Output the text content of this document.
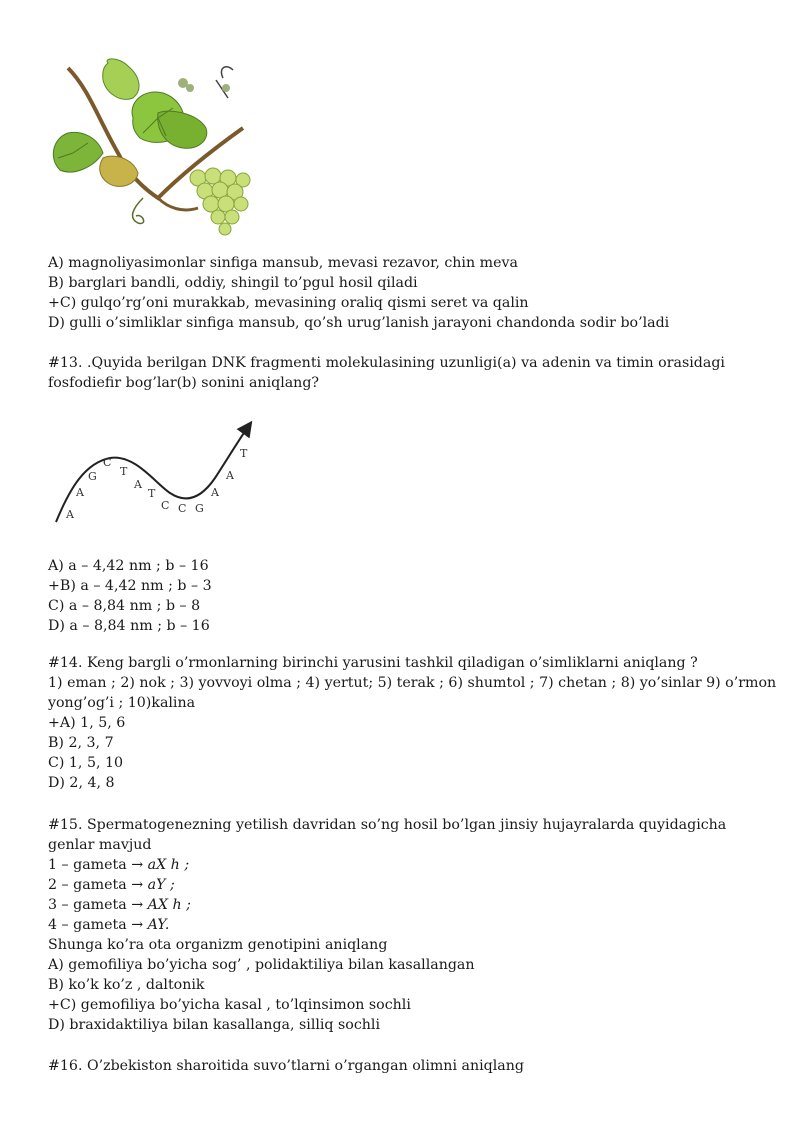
A) magnoliyasimonlar sinfiga mansub, mevasi rezavor, chin meva
B) barglari bandli, oddiy, shingil to’pgul hosil qiladi
+C) gulqo’rg’oni murakkab, mevasining oraliq qismi seret va qalin
D) gulli o’simliklar sinfiga mansub, qo’sh urug’lanish jarayoni chandonda sodir bo’ladi
#13. .Quyida berilgan DNK fragmenti molekulasining uzunligi(a) va adenin va timin orasidagi
fosfodiefir bog’lar(b) sonini aniqlang?
A
A
G
C
T
A
T
C C G
A
A
T
A) a – 4,42 nm ; b – 16
+B) a – 4,42 nm ; b – 3
C) a – 8,84 nm ; b – 8
D) a – 8,84 nm ; b – 16
#14. Keng bargli o’rmonlarning birinchi yarusini tashkil qiladigan o’simliklarni aniqlang ?
1) eman ; 2) nok ; 3) yovvoyi olma ; 4) yertut; 5) terak ; 6) shumtol ; 7) chetan ; 8) yo’sinlar 9) o’rmon
yong’og’i ; 10)kalina
+A) 1, 5, 6
B) 2, 3, 7
C) 1, 5, 10
D) 2, 4, 8
#15. Spermatogenezning yetilish davridan so’ng hosil bo’lgan jinsiy hujayralarda quyidagicha
genlar mavjud
1 – gameta → aX h ;
2 – gameta → aY ;
3 – gameta → AX h ;
4 – gameta → AY.
Shunga ko’ra ota organizm genotipini aniqlang
A) gemofiliya bo’yicha sog’ , polidaktiliya bilan kasallangan
B) ko’k ko’z , daltonik
+C) gemofiliya bo’yicha kasal , to’lqinsimon sochli
D) braxidaktiliya bilan kasallanga, silliq sochli
#16. O’zbekiston sharoitida suvo’tlarni o’rgangan olimni aniqlang
